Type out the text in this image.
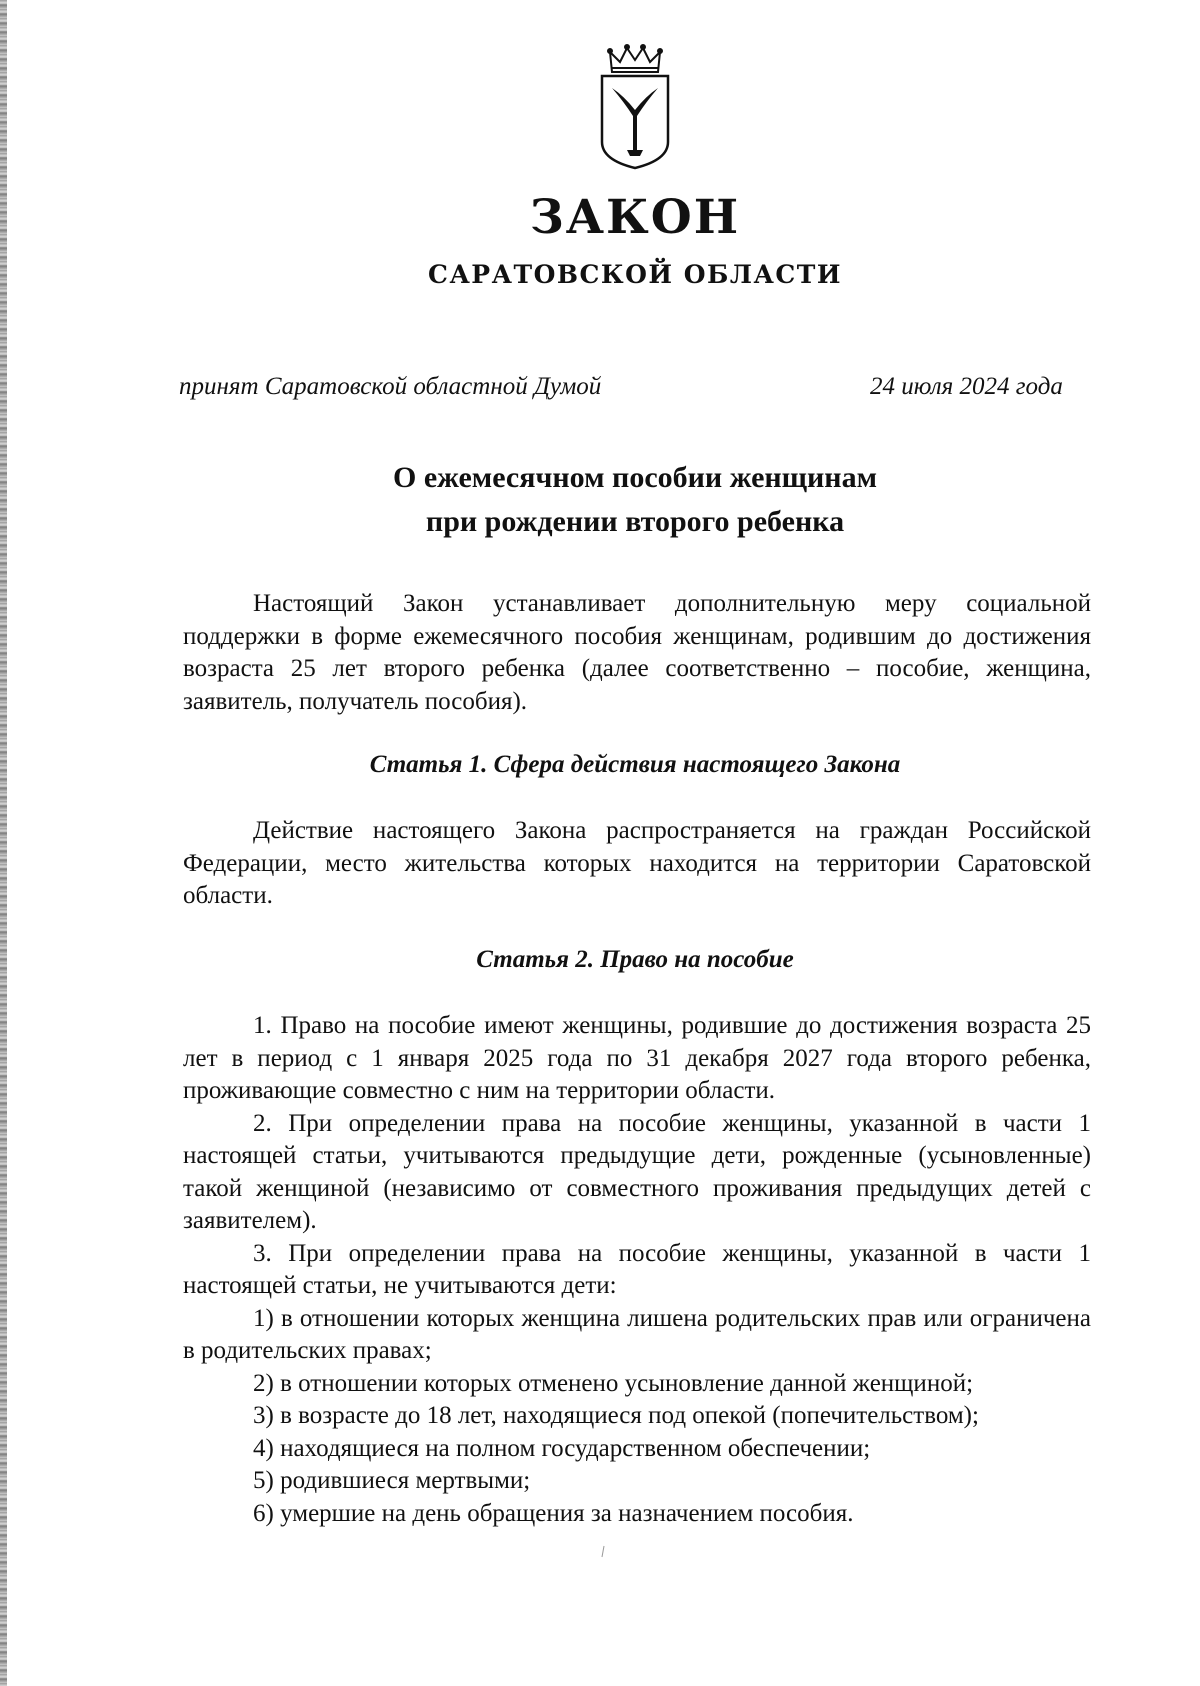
ЗАКОН
САРАТОВСКОЙ ОБЛАСТИ
принят Саратовской областной Думой	24 июля 2024 года
О ежемесячном пособии женщинам
при рождении второго ребенка

Настоящий Закон устанавливает дополнительную меру социальной поддержки в форме ежемесячного пособия женщинам, родившим до достижения возраста 25 лет второго ребенка (далее соответственно – пособие, женщина, заявитель, получатель пособия).

Статья 1. Сфера действия настоящего Закона

Действие настоящего Закона распространяется на граждан Российской Федерации, место жительства которых находится на территории Саратовской области.

Статья 2. Право на пособие

1. Право на пособие имеют женщины, родившие до достижения возраста 25 лет в период с 1 января 2025 года по 31 декабря 2027 года второго ребенка, проживающие совместно с ним на территории области.

2. При определении права на пособие женщины, указанной в части 1 настоящей статьи, учитываются предыдущие дети, рожденные (усыновленные) такой женщиной (независимо от совместного проживания предыдущих детей с заявителем).

3. При определении права на пособие женщины, указанной в части 1 настоящей статьи, не учитываются дети:

1) в отношении которых женщина лишена родительских прав или ограничена в родительских правах;

2) в отношении которых отменено усыновление данной женщиной;

3) в возрасте до 18 лет, находящиеся под опекой (попечительством);

4) находящиеся на полном государственном обеспечении;

5) родившиеся мертвыми;

6) умершие на день обращения за назначением пособия.
